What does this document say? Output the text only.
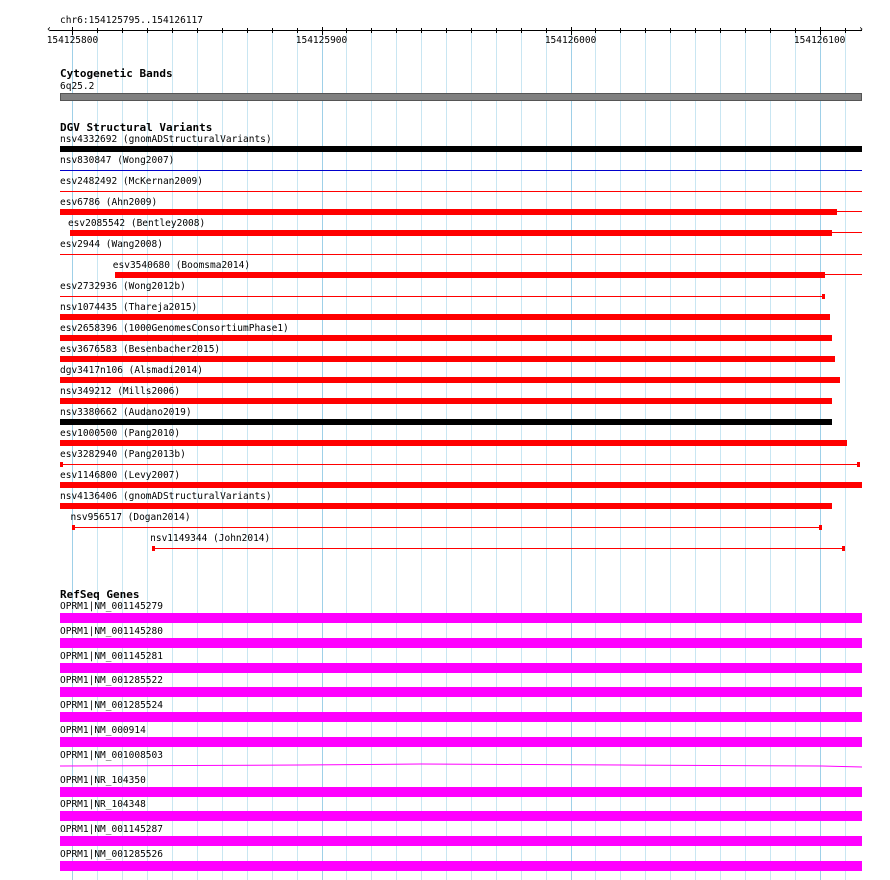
chr6:154125795..154126117
‹	›
154125800	154125900	154126000	154126100
Cytogenetic Bands
6q25.2
DGV Structural Variants
nsv4332692 (gnomADStructuralVariants)
nsv830847 (Wong2007)
esv2482492 (McKernan2009)
esv6786 (Ahn2009)
esv2085542 (Bentley2008)
esv2944 (Wang2008)
esv3540680 (Boomsma2014)
esv2732936 (Wong2012b)
nsv1074435 (Thareja2015)
esv2658396 (1000GenomesConsortiumPhase1)
esv3676583 (Besenbacher2015)
dgv3417n106 (Alsmadi2014)
nsv349212 (Mills2006)
nsv3380662 (Audano2019)
esv1000500 (Pang2010)
esv3282940 (Pang2013b)
esv1146800 (Levy2007)
nsv4136406 (gnomADStructuralVariants)
nsv956517 (Dogan2014)
nsv1149344 (John2014)
RefSeq Genes
OPRM1|NM_001145279
OPRM1|NM_001145280
OPRM1|NM_001145281
OPRM1|NM_001285522
OPRM1|NM_001285524
OPRM1|NM_000914
OPRM1|NM_001008503
OPRM1|NR_104350
OPRM1|NR_104348
OPRM1|NM_001145287
OPRM1|NM_001285526
